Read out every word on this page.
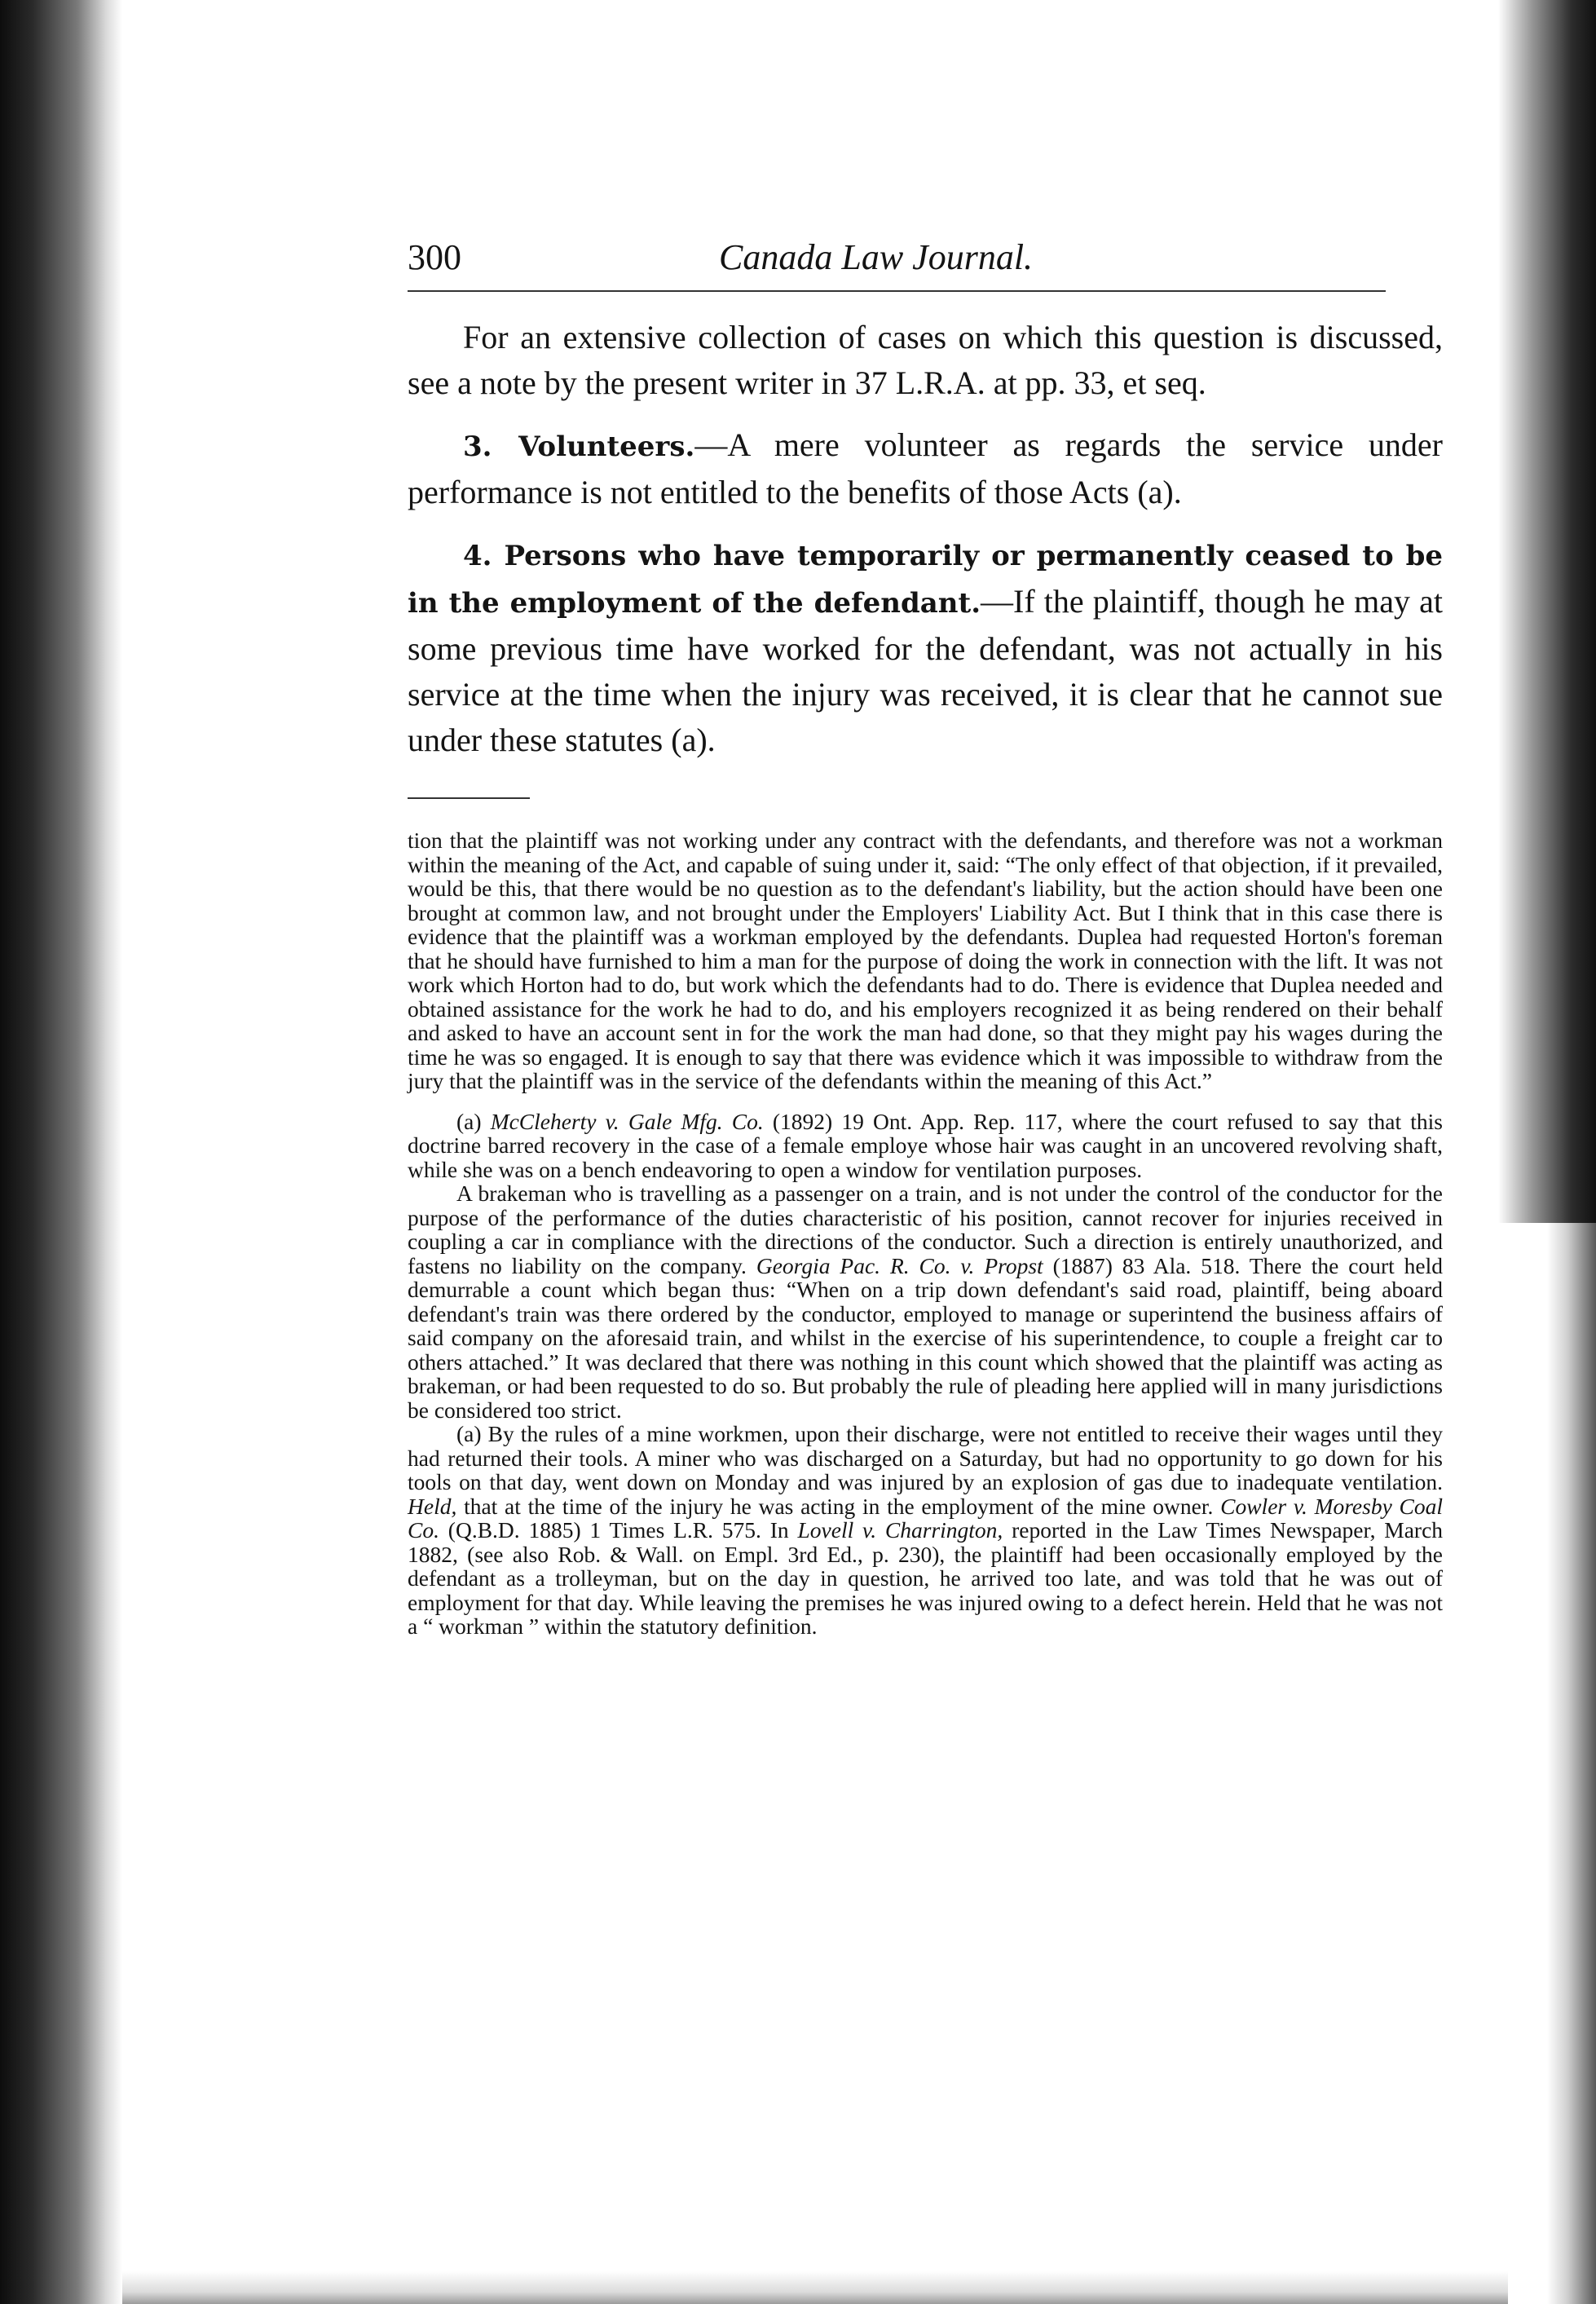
300	Canada Law Journal.

For an extensive collection of cases on which this question is discussed, see a note by the present writer in 37 L.R.A. at pp. 33, et seq.

3. Volunteers.—A mere volunteer as regards the service under performance is not entitled to the benefits of those Acts (a).

4. Persons who have temporarily or permanently ceased to be in the employment of the defendant.—If the plaintiff, though he may at some previous time have worked for the defendant, was not actually in his service at the time when the injury was received, it is clear that he cannot sue under these statutes (a).

tion that the plaintiff was not working under any contract with the defendants, and therefore was not a workman within the meaning of the Act, and capable of suing under it, said: “The only effect of that objection, if it prevailed, would be this, that there would be no question as to the defendant's liability, but the action should have been one brought at common law, and not brought under the Employers' Liability Act. But I think that in this case there is evidence that the plaintiff was a workman employed by the defendants. Duplea had requested Horton's foreman that he should have furnished to him a man for the purpose of doing the work in connection with the lift. It was not work which Horton had to do, but work which the defendants had to do. There is evidence that Duplea needed and obtained assistance for the work he had to do, and his employers recognized it as being rendered on their behalf and asked to have an account sent in for the work the man had done, so that they might pay his wages during the time he was so engaged. It is enough to say that there was evidence which it was impossible to withdraw from the jury that the plaintiff was in the service of the defendants within the meaning of this Act.”

(a) McCleherty v. Gale Mfg. Co. (1892) 19 Ont. App. Rep. 117, where the court refused to say that this doctrine barred recovery in the case of a female employe whose hair was caught in an uncovered revolving shaft, while she was on a bench endeavoring to open a window for ventilation purposes.

A brakeman who is travelling as a passenger on a train, and is not under the control of the conductor for the purpose of the performance of the duties characteristic of his position, cannot recover for injuries received in coupling a car in compliance with the directions of the conductor. Such a direction is entirely unauthorized, and fastens no liability on the company. Georgia Pac. R. Co. v. Propst (1887) 83 Ala. 518. There the court held demurrable a count which began thus: “When on a trip down defendant's said road, plaintiff, being aboard defendant's train was there ordered by the conductor, employed to manage or superintend the business affairs of said company on the aforesaid train, and whilst in the exercise of his superintendence, to couple a freight car to others attached.” It was declared that there was nothing in this count which showed that the plaintiff was acting as brakeman, or had been requested to do so. But probably the rule of pleading here applied will in many jurisdictions be considered too strict.

(a) By the rules of a mine workmen, upon their discharge, were not entitled to receive their wages until they had returned their tools. A miner who was discharged on a Saturday, but had no opportunity to go down for his tools on that day, went down on Monday and was injured by an explosion of gas due to inadequate ventilation. Held, that at the time of the injury he was acting in the employment of the mine owner. Cowler v. Moresby Coal Co. (Q.B.D. 1885) 1 Times L.R. 575. In Lovell v. Charrington, reported in the Law Times Newspaper, March 1882, (see also Rob. & Wall. on Empl. 3rd Ed., p. 230), the plaintiff had been occasionally employed by the defendant as a trolleyman, but on the day in question, he arrived too late, and was told that he was out of employment for that day. While leaving the premises he was injured owing to a defect herein. Held that he was not a “ workman ” within the statutory definition.
